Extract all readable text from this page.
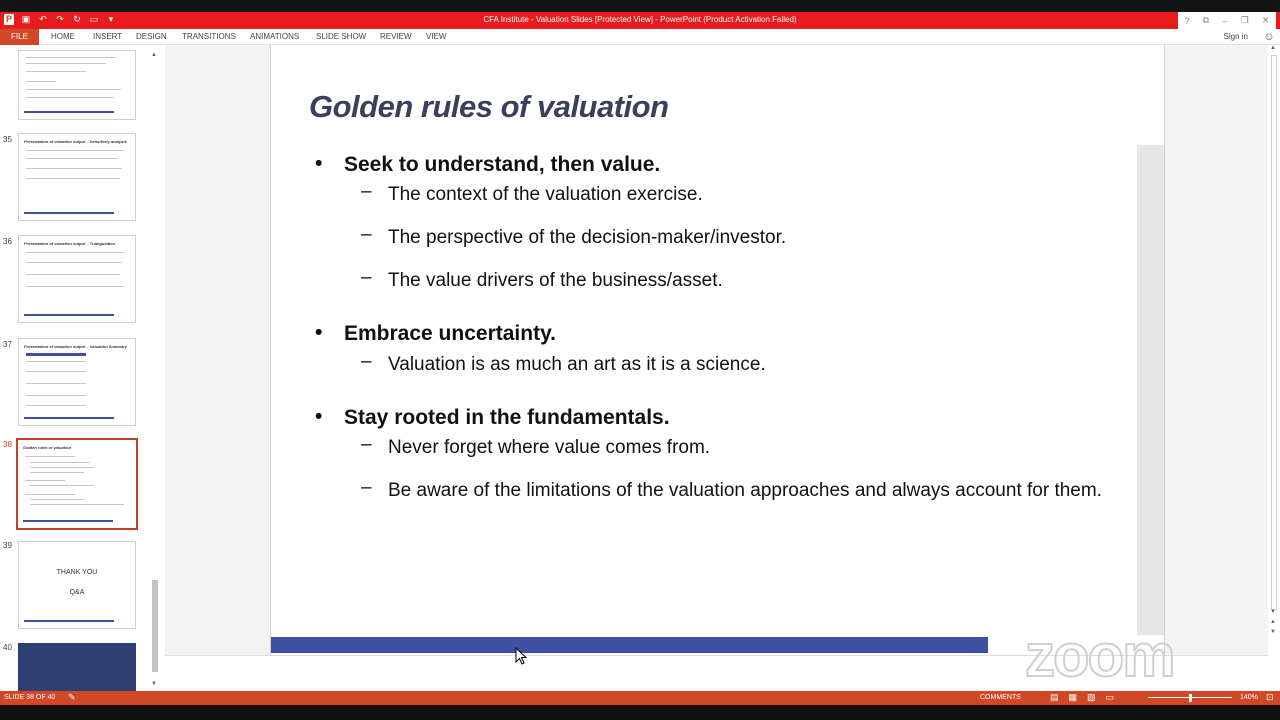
P ▣ ↶ ↷ ↻ ▭	▾	CFA Institute - Valuation Slides [Protected View] - PowerPoint (Product Activation Failed)	? ⧉ – ❐ ✕
FILE	HOME INSERT DESIGN TRANSITIONS ANIMATIONS SLIDE SHOW REVIEW VIEW	Sign in ☺
35	Presentation of valuation output – Sensitivity analysis
36	Presentation of valuation output – Triangulation
37	Presentation of valuation output – Valuation Summary
38	Golden rules of valuation
39
THANK YOU
Q&A
40
▲
▼
Golden rules of valuation
• Seek to understand, then value.
– The context of the valuation exercise.
– The perspective of the decision-maker/investor.
– The value drivers of the business/asset.
• Embrace uncertainty.
– Valuation is as much an art as it is a science.
• Stay rooted in the fundamentals.
– Never forget where value comes from.
– Be aware of the limitations of the valuation approaches and always account for them.
▲
▼
▲
▼
zoom
SLIDE 38 OF 40 ✎	COMMENTS	▤ ▦ ▧ ▭	140% ⊡
